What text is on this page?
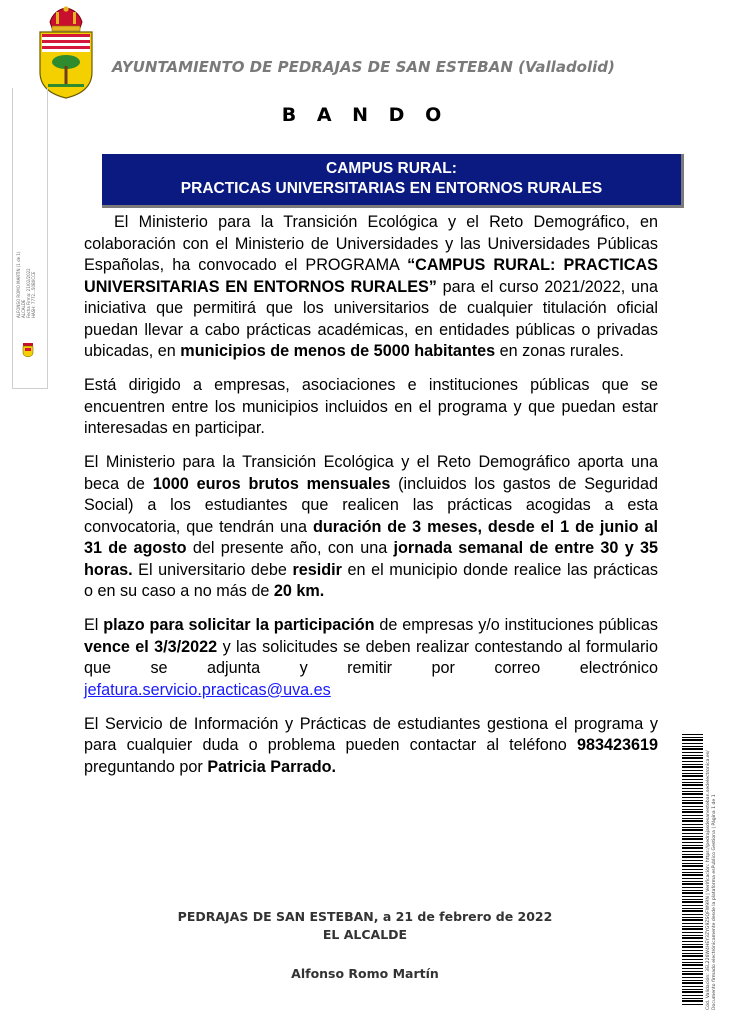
AYUNTAMIENTO DE PEDRAJAS DE SAN ESTEBAN (Valladolid)
ALFONSO ROMO MARTÍN (1 de 1) ALCALDE Fecha Firma: 21/02/2022 HASH: 7772...50B0CCE
B A N D O
CAMPUS RURAL:
PRACTICAS UNIVERSITARIAS EN ENTORNOS RURALES

El Ministerio para la Transición Ecológica y el Reto Demográfico, en colaboración con el Ministerio de Universidades y las Universidades Públicas Españolas, ha convocado el PROGRAMA “CAMPUS RURAL: PRACTICAS UNIVERSITARIAS EN ENTORNOS RURALES” para el curso 2021/2022, una iniciativa que permitirá que los universitarios de cualquier titulación oficial puedan llevar a cabo prácticas académicas, en entidades públicas o privadas ubicadas, en municipios de menos de 5000 habitantes en zonas rurales.

Está dirigido a empresas, asociaciones e instituciones públicas que se encuentren entre los municipios incluidos en el programa y que puedan estar interesadas en participar.

El Ministerio para la Transición Ecológica y el Reto Demográfico aporta una beca de 1000 euros brutos mensuales (incluidos los gastos de Seguridad Social) a los estudiantes que realicen las prácticas acogidas a esta convocatoria, que tendrán una duración de 3 meses, desde el 1 de junio al 31 de agosto del presente año, con una jornada semanal de entre 30 y 35 horas. El universitario debe residir en el municipio donde realice las prácticas o en su caso a no más de 20 km.

El plazo para solicitar la participación de empresas y/o instituciones públicas vence el 3/3/2022 y las solicitudes se deben realizar contestando al formulario que se adjunta y remitir por correo electrónico jefatura.servicio.practicas@uva.es

El Servicio de Información y Prácticas de estudiantes gestiona el programa y para cualquier duda o problema pueden contactar al teléfono 983423619 preguntando por Patricia Parrado.

PEDRAJAS DE SAN ESTEBAN, a 21 de febrero de 2022
EL ALCALDE
Alfonso Romo Martín	Cód. Validación: 3EL226W4HEY3ZYG9ZSQFW9RN | Verificación: https://pedrajasdesanesteban.sedelectronica.es/ Documento firmado electrónicamente desde la plataforma esPublico Gestiona | Página 1 de 1
